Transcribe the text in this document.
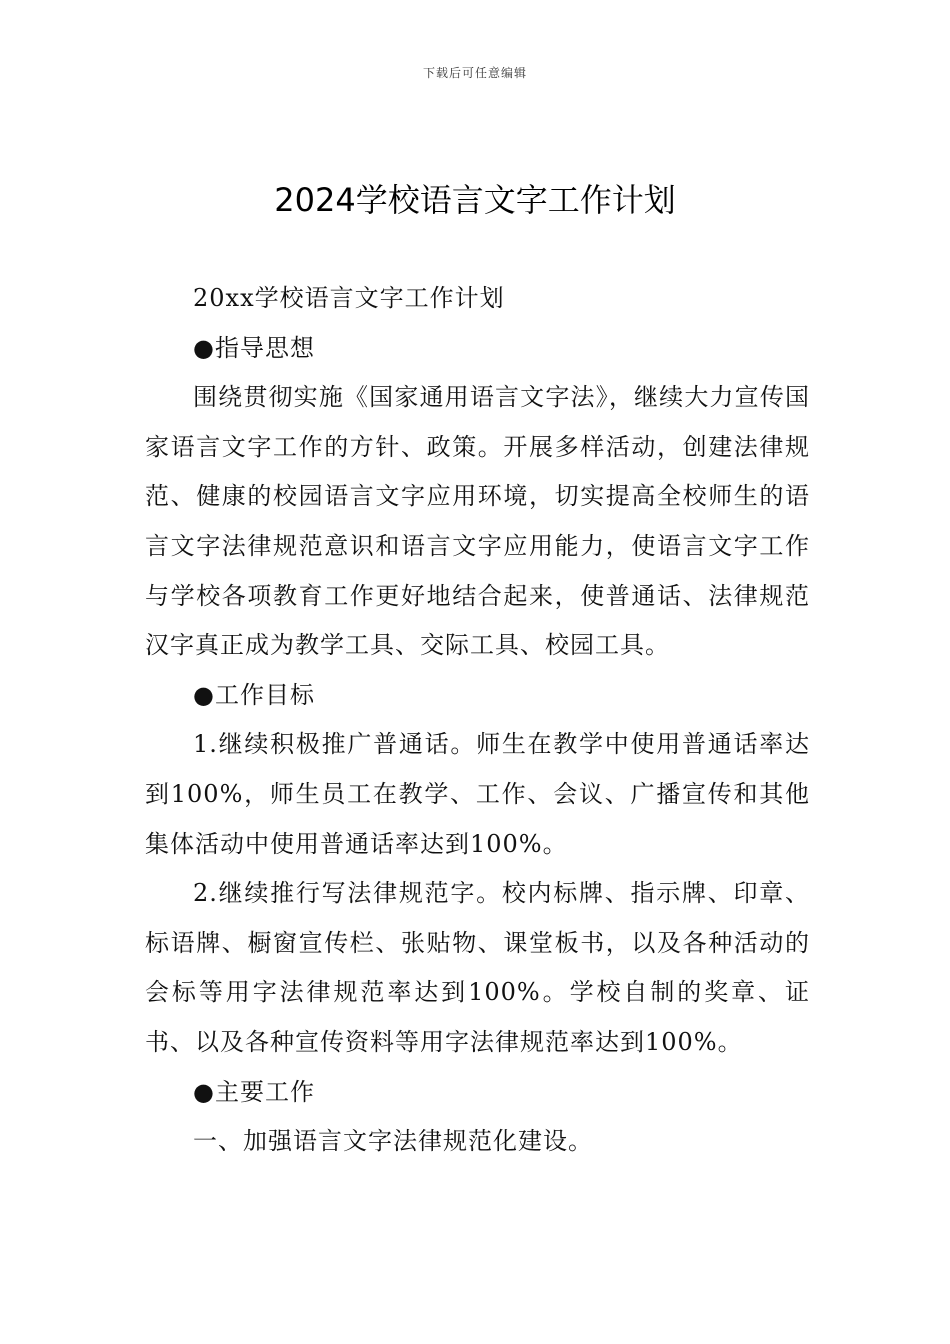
下载后可任意编辑
2024学校语言文字工作计划

20xx学校语言文字工作计划

●指导思想

围绕贯彻实施《国家通用语言文字法》，继续大力宣传国家语言文字工作的方针、政策。开展多样活动，创建法律规范、健康的校园语言文字应用环境，切实提高全校师生的语言文字法律规范意识和语言文字应用能力，使语言文字工作与学校各项教育工作更好地结合起来，使普通话、法律规范汉字真正成为教学工具、交际工具、校园工具。

●工作目标

1.继续积极推广普通话。师生在教学中使用普通话率达到100%，师生员工在教学、工作、会议、广播宣传和其他集体活动中使用普通话率达到100%。

2.继续推行写法律规范字。校内标牌、指示牌、印章、标语牌、橱窗宣传栏、张贴物、课堂板书，以及各种活动的会标等用字法律规范率达到100%。学校自制的奖章、证书、以及各种宣传资料等用字法律规范率达到100%。

●主要工作

一、加强语言文字法律规范化建设。
